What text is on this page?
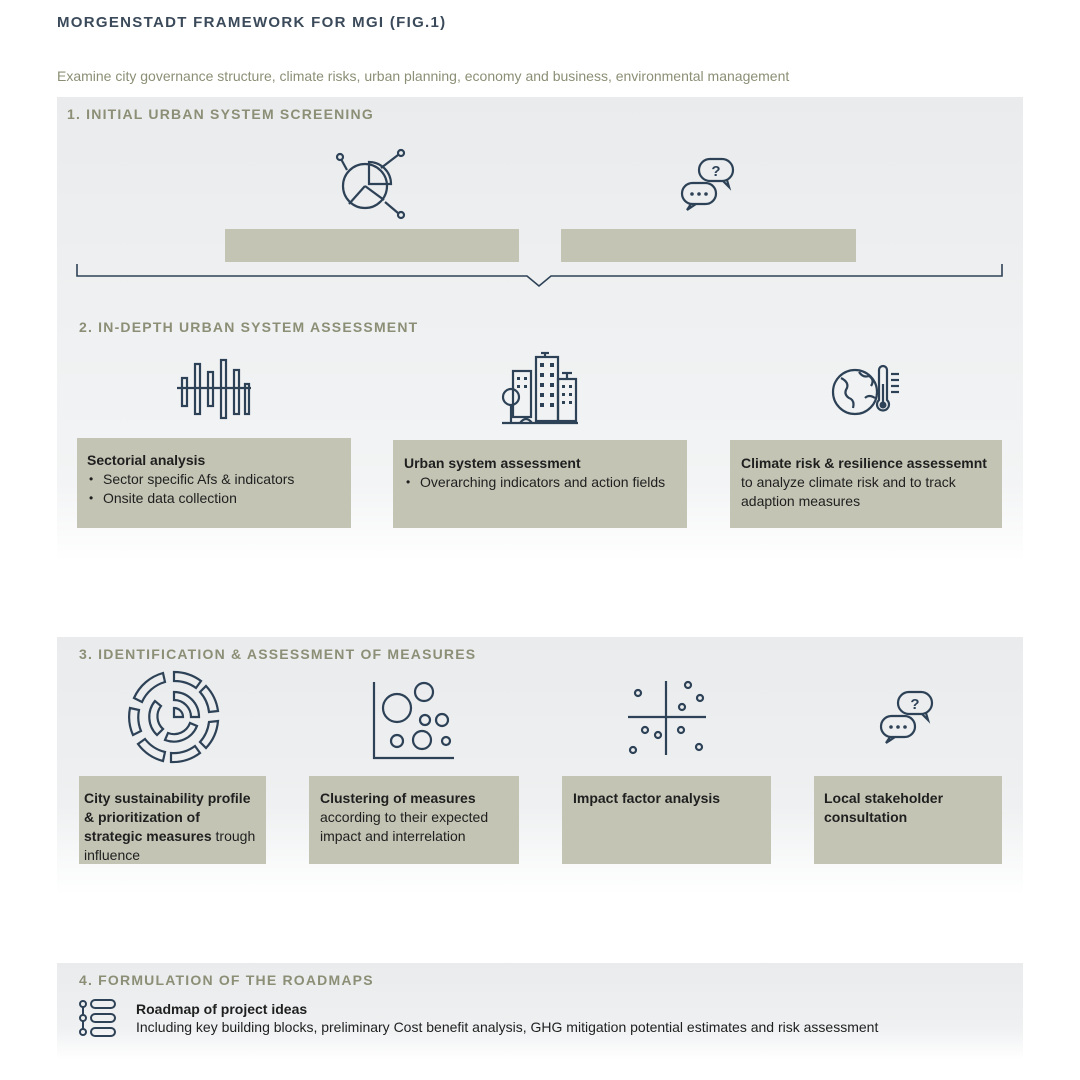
MORGENSTADT FRAMEWORK FOR MGI (FIG.1)
Examine city governance structure, climate risks, urban planning, economy and business, environmental management
1. INITIAL URBAN SYSTEM SCREENING
?
2. IN-DEPTH URBAN SYSTEM ASSESSMENT
Sectorial analysis
• Sector specific Afs & indicators
• Onsite data collection
Urban system assessment
• Overarching indicators and action fields
Climate risk & resilience assessemnt
to analyze climate risk and to track adaption measures
3. IDENTIFICATION & ASSESSMENT OF MEASURES
?
City sustainability profile & prioritization of strategic measures trough influence
Clustering of measures
according to their expected impact and interrelation
Impact factor analysis	Local stakeholder consultation
4. FORMULATION OF THE ROADMAPS
Roadmap of project ideas
Including key building blocks, preliminary Cost benefit analysis, GHG mitigation potential estimates and risk assessment
